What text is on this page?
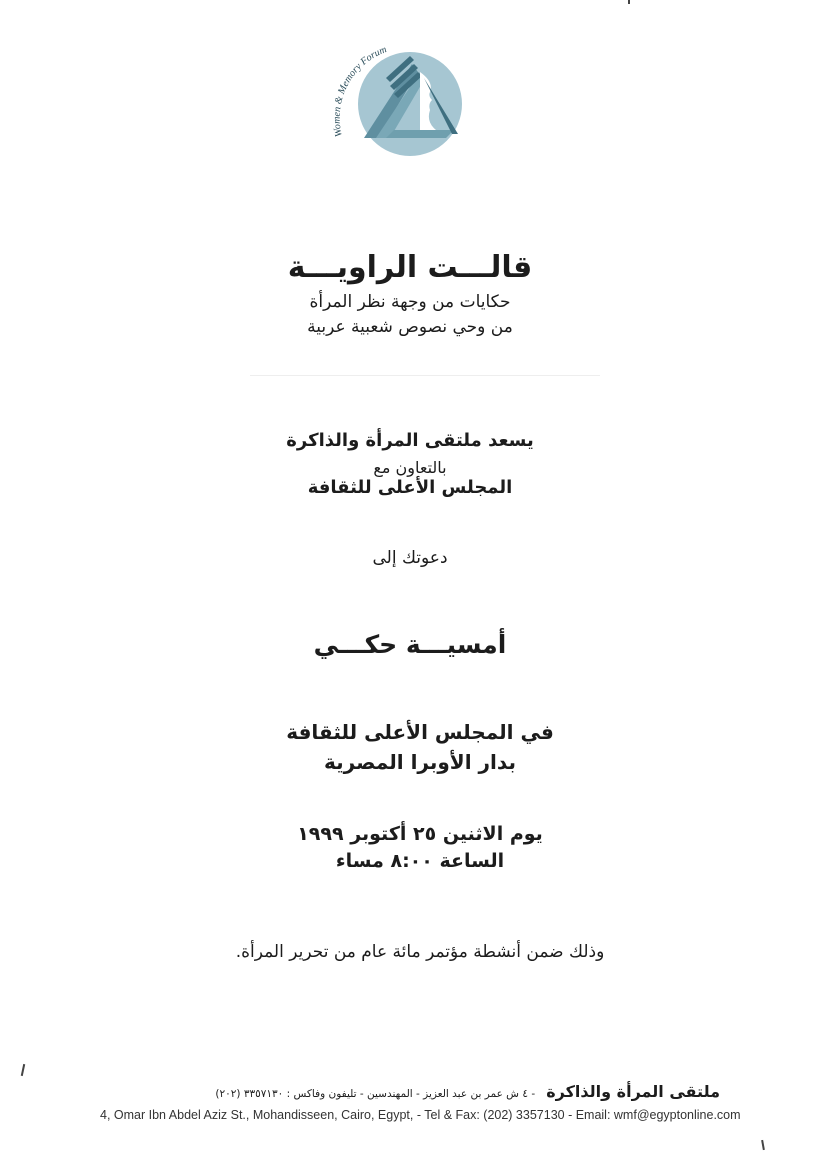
Women & Memory Forum
قالـــت الراويـــة
حكايات من وجهة نظر المرأة
من وحي نصوص شعبية عربية
يسعد ملتقى المرأة والذاكرة
بالتعاون مع
المجلس الأعلى للثقافة
دعوتك إلى
أمسيـــة حكـــي
في المجلس الأعلى للثقافة
بدار الأوبرا المصرية
يوم الاثنين ٢٥ أكتوبر ١٩٩٩
الساعة ٨:٠٠ مساء
وذلك ضمن أنشطة مؤتمر مائة عام من تحرير المرأة.
ملتقى المرأة والذاكرة - ٤ ش عمر بن عبد العزيز - المهندسين - تليفون وفاكس : ٣٣٥٧١٣٠ (٢٠٢)
4, Omar Ibn Abdel Aziz St., Mohandisseen, Cairo, Egypt, - Tel & Fax: (202) 3357130 - Email: wmf@egyptonline.com
